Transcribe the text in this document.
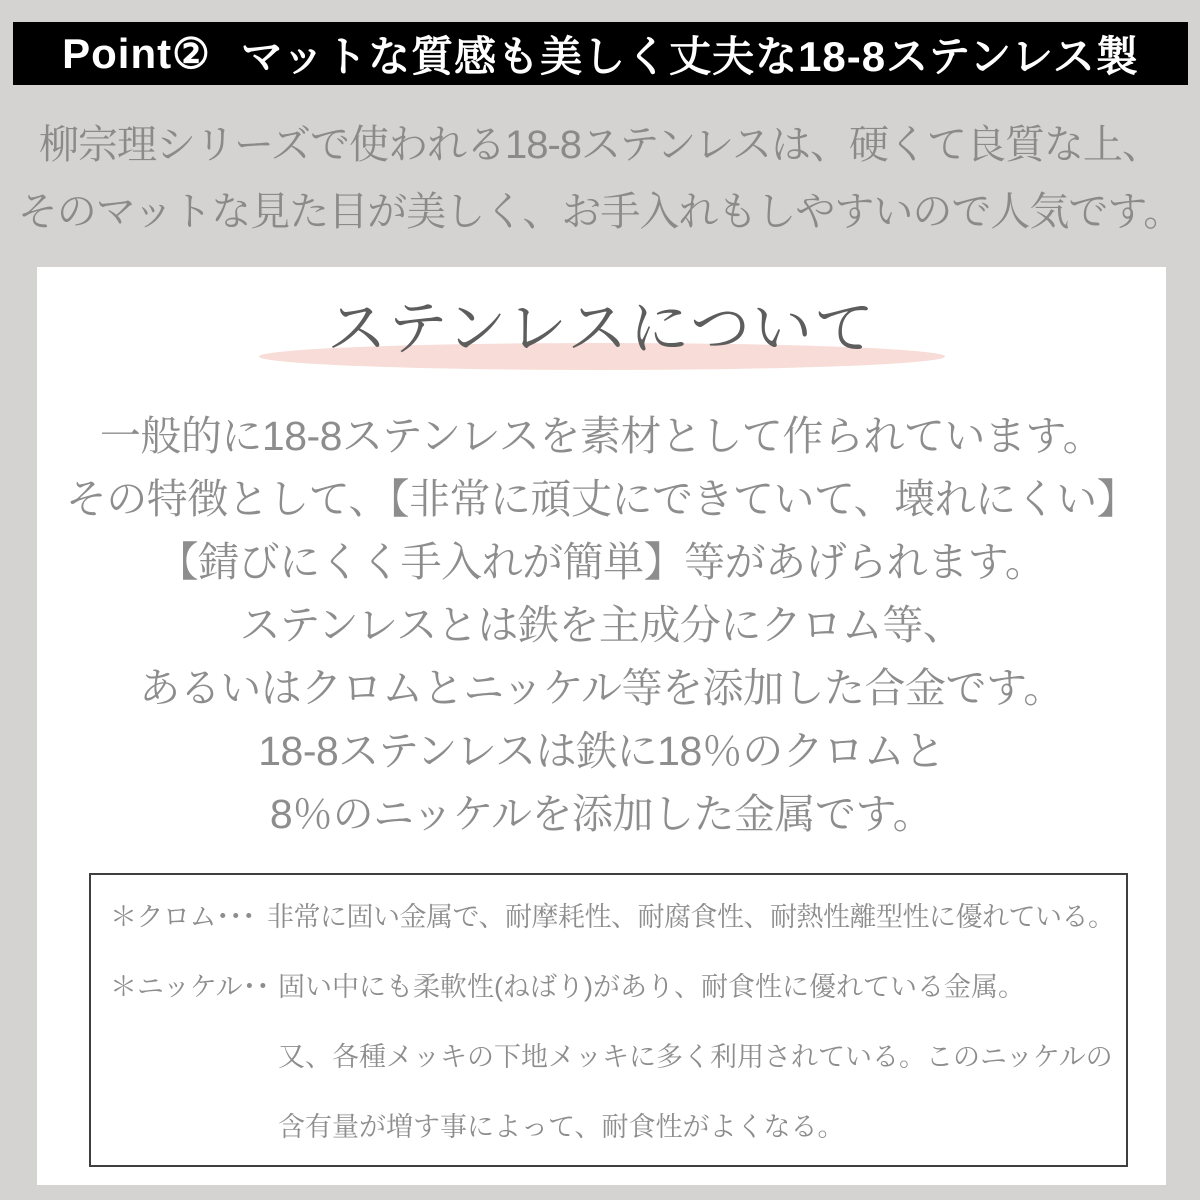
Point② マットな質感も美しく丈夫な18-8ステンレス製
柳宗理シリーズで使われる18-8ステンレスは、硬くて良質な上、
そのマットな見た目が美しく、お手入れもしやすいので人気です。
ステンレスについて
一般的に18-8ステンレスを素材として作られています。
その特徴として、【非常に頑丈にできていて、壊れにくい】
【錆びにくく手入れが簡単】等があげられます。
ステンレスとは鉄を主成分にクロム等、
あるいはクロムとニッケル等を添加した合金です。
18-8ステンレスは鉄に18％のクロムと
8％のニッケルを添加した金属です。
＊クロム･･･ 非常に固い金属で、耐摩耗性、耐腐食性、耐熱性離型性に優れている。
＊ニッケル･･ 固い中にも柔軟性(ねばり)があり、耐食性に優れている金属。
又、各種メッキの下地メッキに多く利用されている。このニッケルの
含有量が増す事によって、耐食性がよくなる。
